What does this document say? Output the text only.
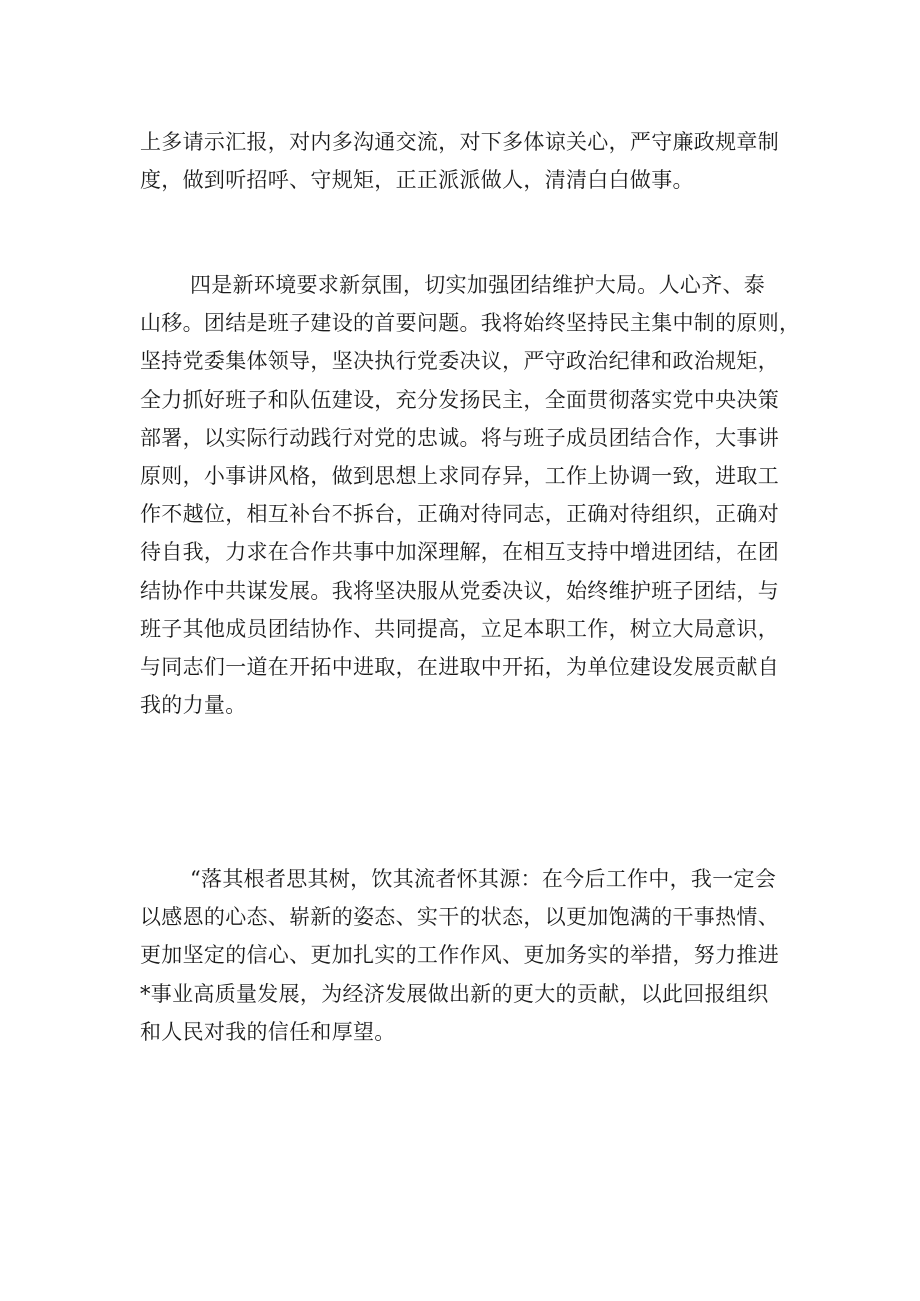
上多请示汇报，对内多沟通交流，对下多体谅关心，严守廉政规章制
度，做到听招呼、守规矩，正正派派做人，清清白白做事。
四是新环境要求新氛围，切实加强团结维护大局。人心齐、泰
山移。团结是班子建设的首要问题。我将始终坚持民主集中制的原则，
坚持党委集体领导，坚决执行党委决议，严守政治纪律和政治规矩，
全力抓好班子和队伍建设，充分发扬民主，全面贯彻落实党中央决策
部署，以实际行动践行对党的忠诚。将与班子成员团结合作，大事讲
原则，小事讲风格，做到思想上求同存异，工作上协调一致，进取工
作不越位，相互补台不拆台，正确对待同志，正确对待组织，正确对
待自我，力求在合作共事中加深理解，在相互支持中增进团结，在团
结协作中共谋发展。我将坚决服从党委决议，始终维护班子团结，与
班子其他成员团结协作、共同提高，立足本职工作，树立大局意识，
与同志们一道在开拓中进取，在进取中开拓，为单位建设发展贡献自
我的力量。
“落其根者思其树，饮其流者怀其源：在今后工作中，我一定会
以感恩的心态、崭新的姿态、实干的状态，以更加饱满的干事热情、
更加坚定的信心、更加扎实的工作作风、更加务实的举措，努力推进
*事业高质量发展，为经济发展做出新的更大的贡献，以此回报组织
和人民对我的信任和厚望。
